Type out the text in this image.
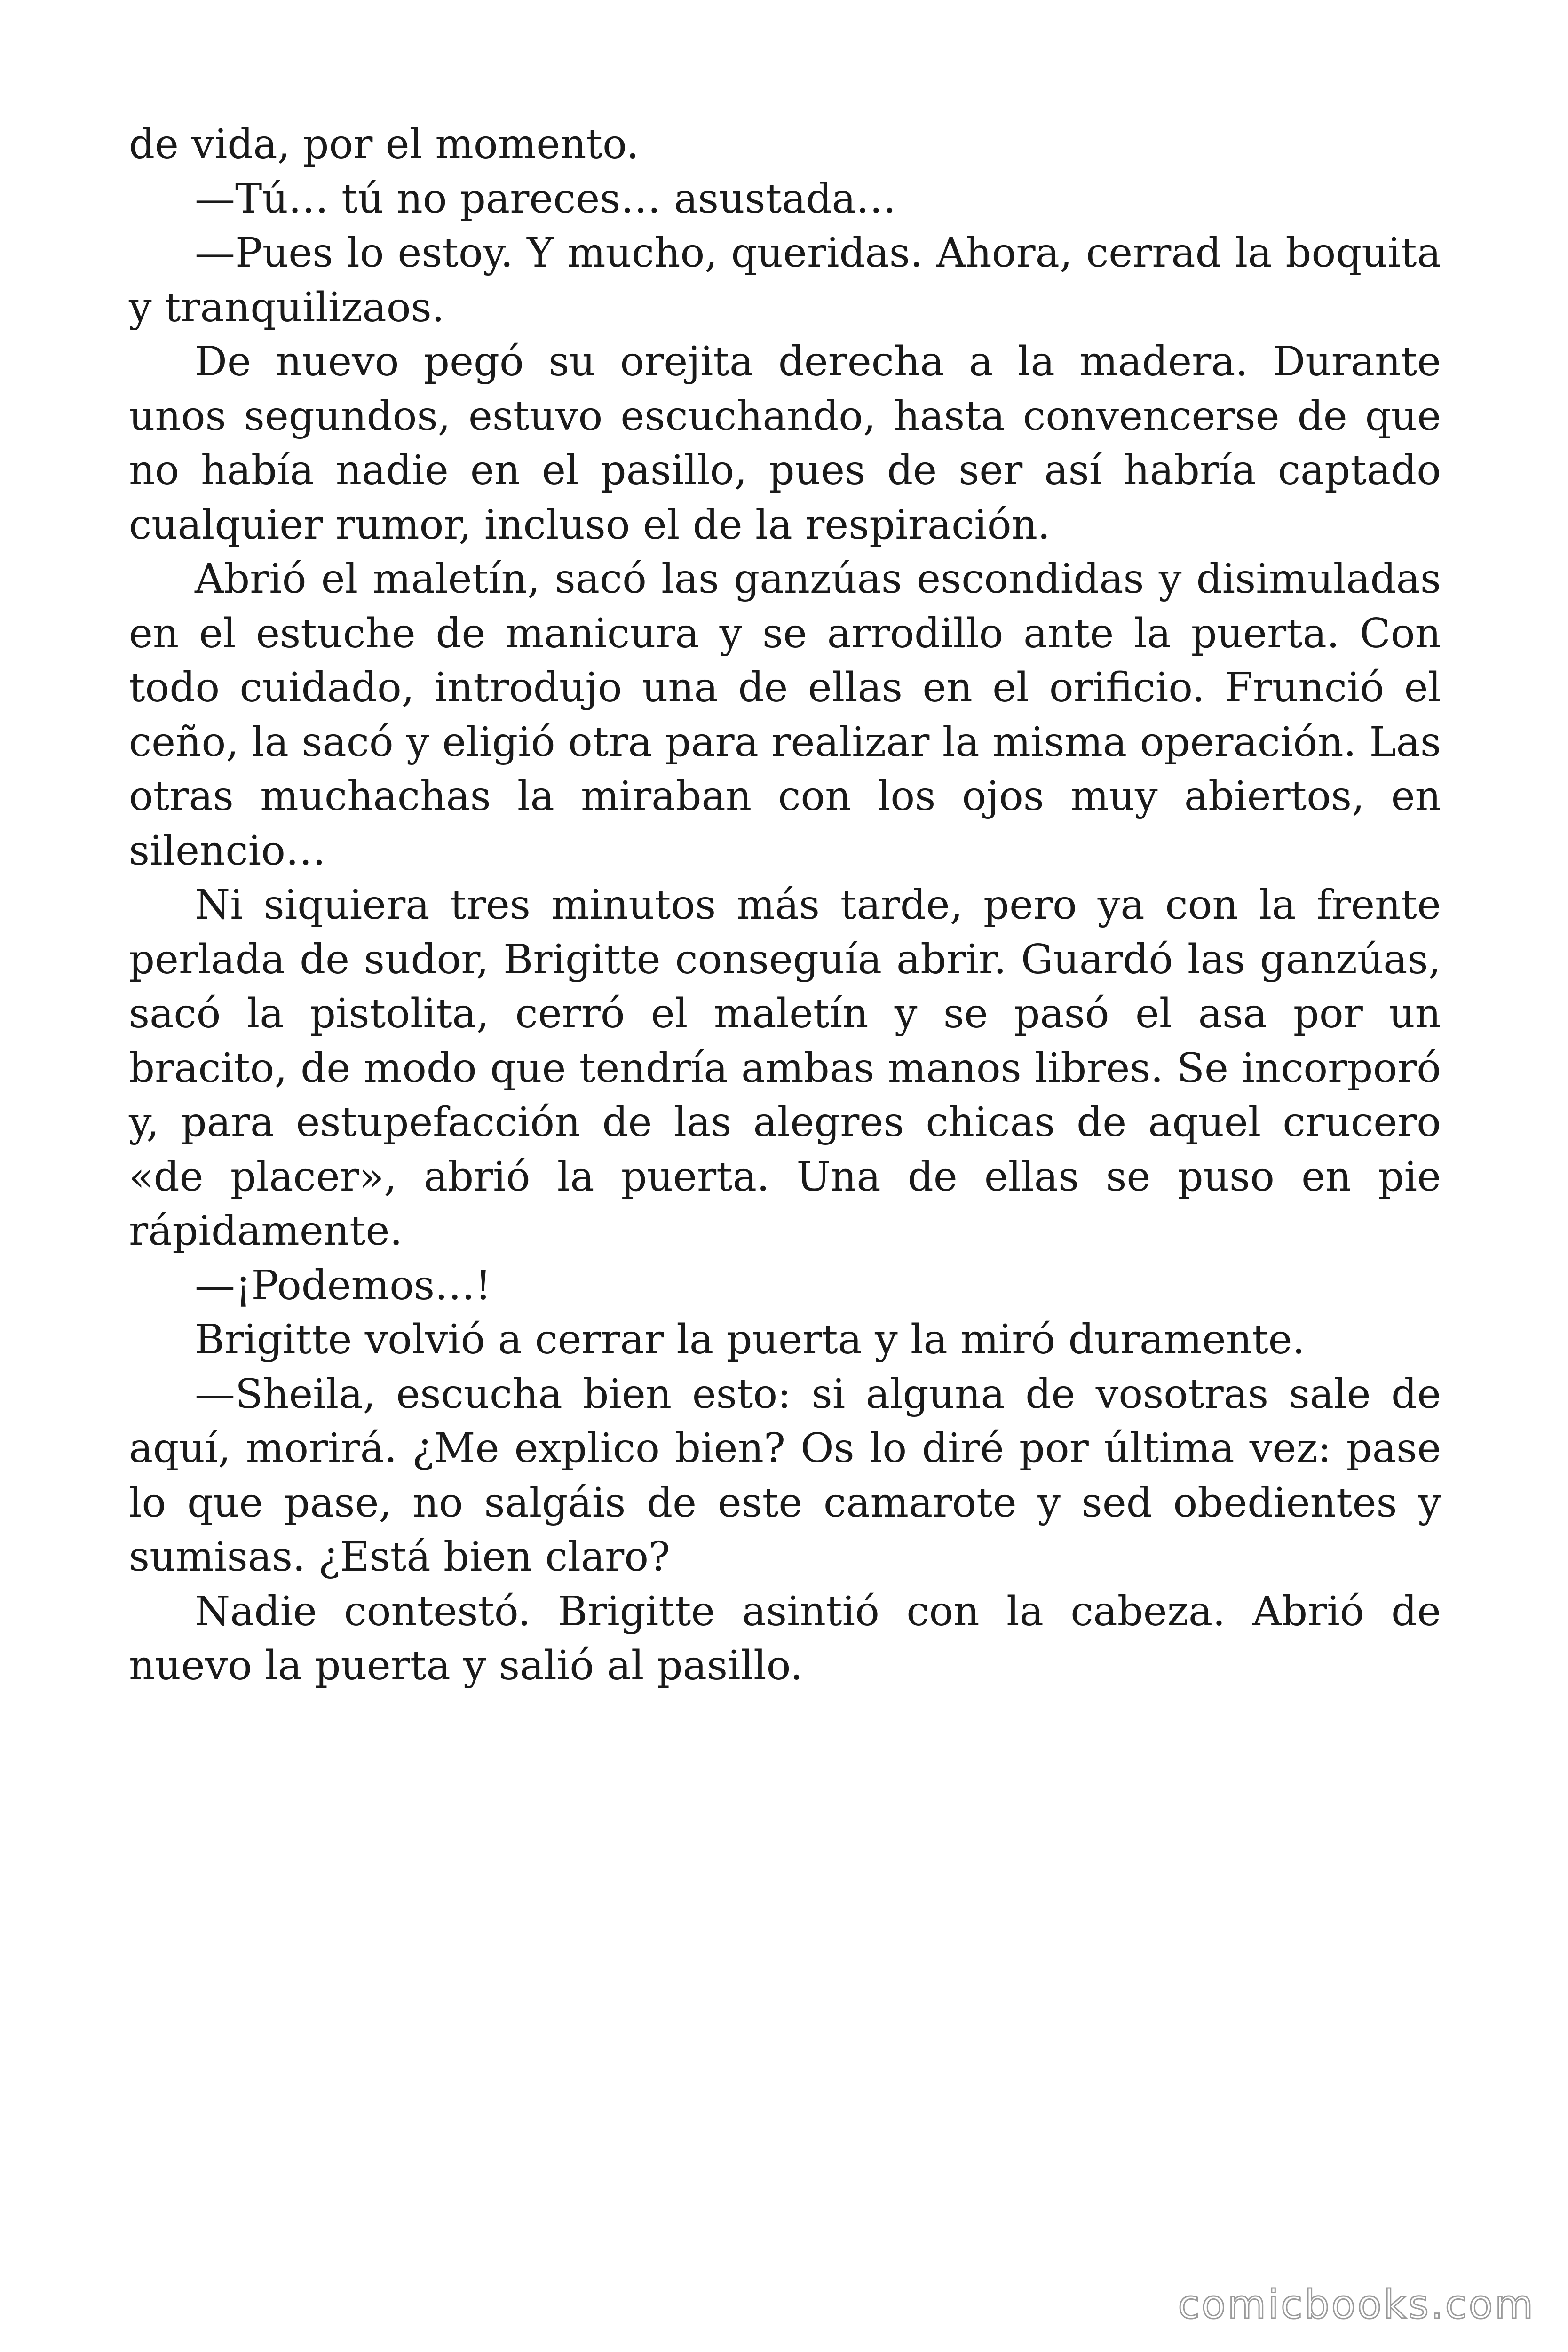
de vida, por el momento.

—Tú… tú no pareces… asustada…

—Pues lo estoy. Y mucho, queridas. Ahora, cerrad la boquita y tranquilizaos.

De nuevo pegó su orejita derecha a la madera. Durante unos segundos, estuvo escuchando, hasta convencerse de que no había nadie en el pasillo, pues de ser así habría captado cualquier rumor, incluso el de la respiración.

Abrió el maletín, sacó las ganzúas escondidas y disimuladas en el estuche de manicura y se arrodillo ante la puerta. Con todo cuidado, introdujo una de ellas en el orificio. Frunció el ceño, la sacó y eligió otra para realizar la misma operación. Las otras muchachas la miraban con los ojos muy abiertos, en silencio…

Ni siquiera tres minutos más tarde, pero ya con la frente perlada de sudor, Brigitte conseguía abrir. Guardó las ganzúas, sacó la pistolita, cerró el maletín y se pasó el asa por un bracito, de modo que tendría ambas manos libres. Se incorporó y, para estupefacción de las alegres chicas de aquel crucero «de placer», abrió la puerta. Una de ellas se puso en pie rápidamente.

—¡Podemos…!

Brigitte volvió a cerrar la puerta y la miró duramente.

—Sheila, escucha bien esto: si alguna de vosotras sale de aquí, morirá. ¿Me explico bien? Os lo diré por última vez: pase lo que pase, no salgáis de este camarote y sed obedientes y sumisas. ¿Está bien claro?

Nadie contestó. Brigitte asintió con la cabeza. Abrió de nuevo la puerta y salió al pasillo.

comicbooks.com
